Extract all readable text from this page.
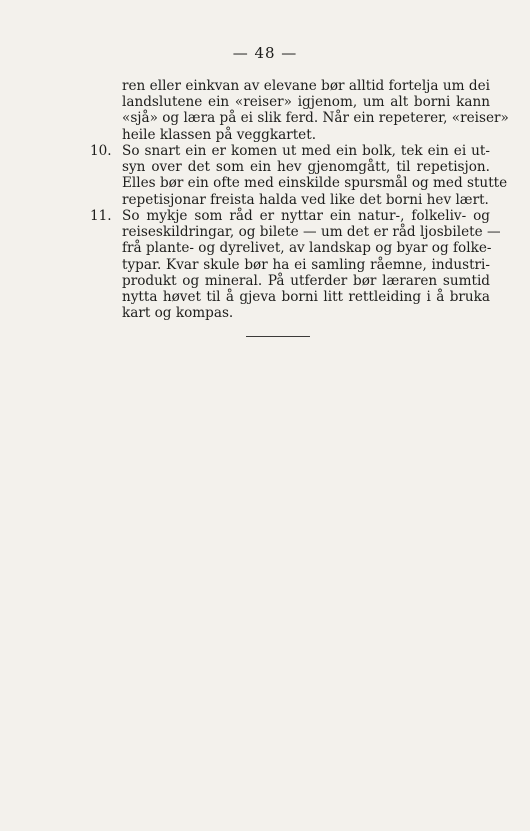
— 48 —
ren eller einkvan av elevane bør alltid fortelja um dei
landslutene ein «reiser» igjenom, um alt borni kann
«sjå» og læra på ei slik ferd. Når ein repeterer, «reiser»
heile klassen på veggkartet.
10. So snart ein er komen ut med ein bolk, tek ein ei ut-
syn over det som ein hev gjenomgått, til repetisjon.
Elles bør ein ofte med einskilde spursmål og med stutte
repetisjonar freista halda ved like det borni hev lært.
11. So mykje som råd er nyttar ein natur-, folkeliv- og
reiseskildringar, og bilete — um det er råd ljosbilete —
frå plante- og dyrelivet, av landskap og byar og folke-
typar. Kvar skule bør ha ei samling råemne, industri-
produkt og mineral. På utferder bør læraren sumtid
nytta høvet til å gjeva borni litt rettleiding i å bruka
kart og kompas.
